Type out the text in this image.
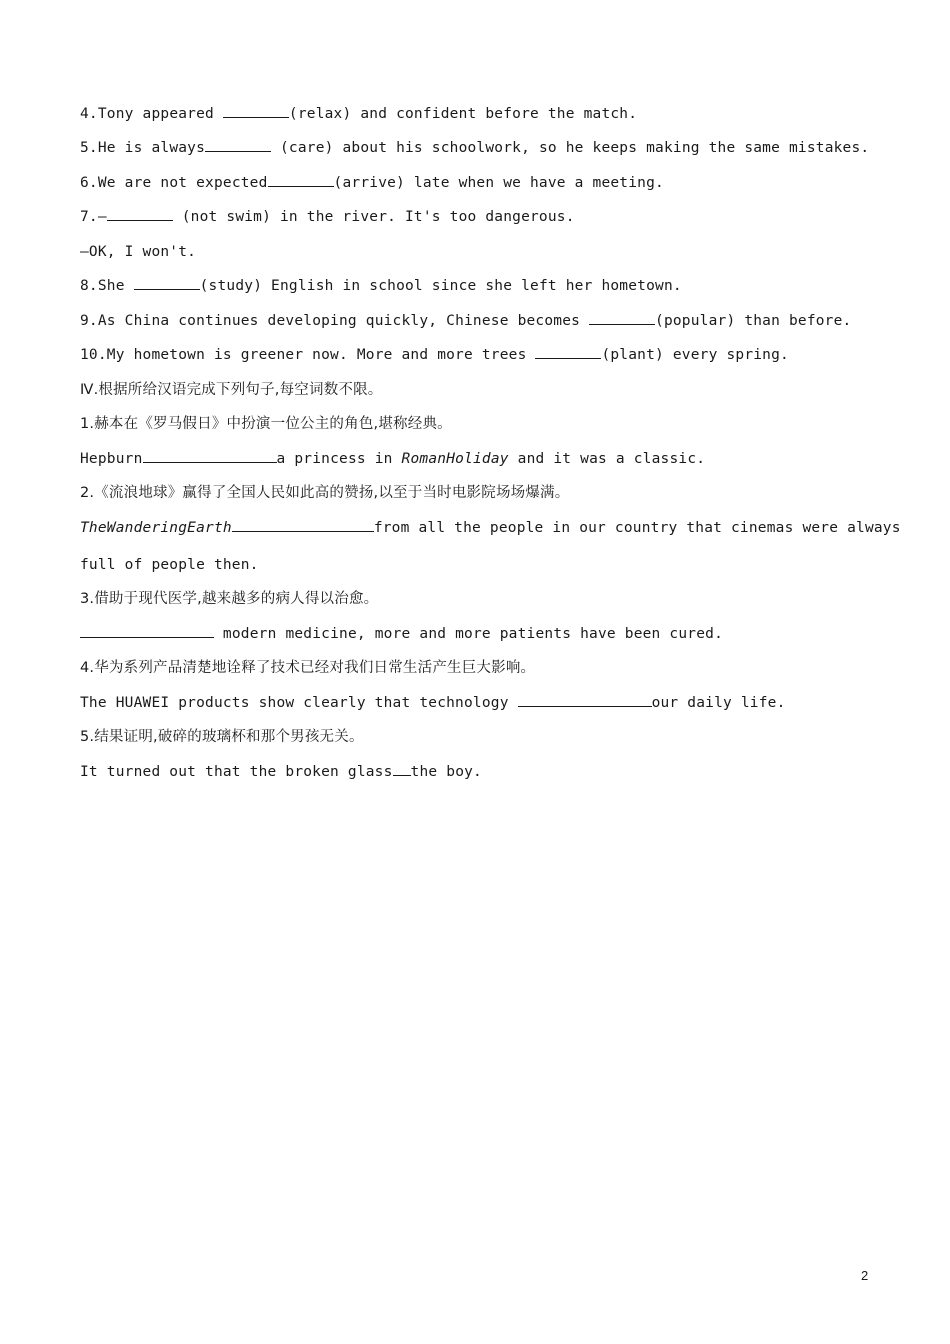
4.Tony appeared	(relax) and confident before the match.
5.He is always	(care) about his schoolwork, so he keeps making the same mistakes.
6.We are not expected	(arrive) late when we have a meeting.
7.—	(not swim) in the river. It's too dangerous.
—OK, I won't.
8.She	(study) English in school since she left her hometown.
9.As China continues developing quickly, Chinese becomes	(popular) than before.
10.My hometown is greener now. More and more trees	(plant) every spring.
Ⅳ.根据所给汉语完成下列句子,每空词数不限。
1.赫本在《罗马假日》中扮演一位公主的角色,堪称经典。
Hepburn	a princess in RomanHoliday and it was a classic.
2.《流浪地球》赢得了全国人民如此高的赞扬,以至于当时电影院场场爆满。
TheWanderingEarth	from all the people in our country that cinemas were always
full of people then.
3.借助于现代医学,越来越多的病人得以治愈。
modern medicine, more and more patients have been cured.
4.华为系列产品清楚地诠释了技术已经对我们日常生活产生巨大影响。
The HUAWEI products show clearly that technology	our daily life.
5.结果证明,破碎的玻璃杯和那个男孩无关。
It turned out that the broken glass the boy.
2
